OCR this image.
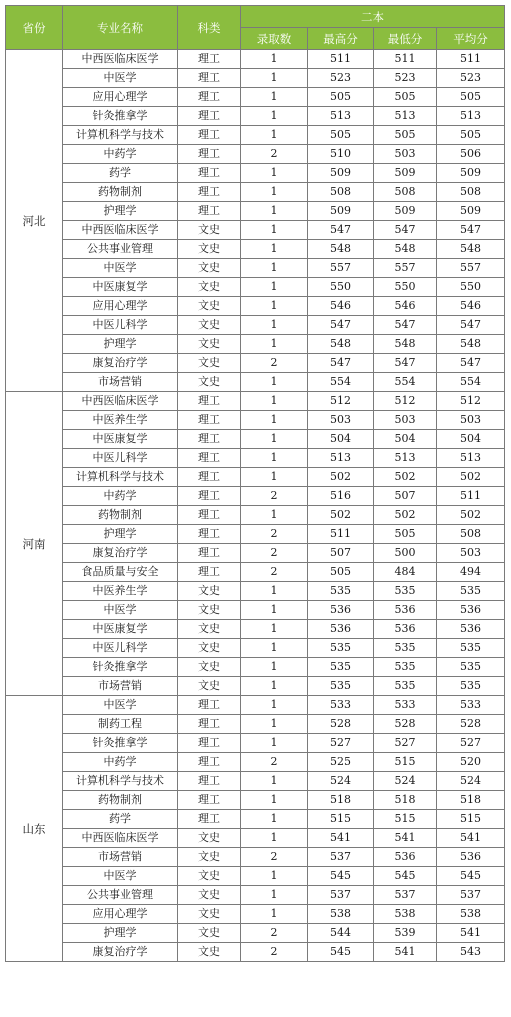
省份	专业名称	科类	二本			
			录取数	最高分	最低分	平均分
河北	中西医临床医学	理工	1	511	511	511
	中医学	理工	1	523	523	523
	应用心理学	理工	1	505	505	505
	针灸推拿学	理工	1	513	513	513
	计算机科学与技术	理工	1	505	505	505
	中药学	理工	2	510	503	506
	药学	理工	1	509	509	509
	药物制剂	理工	1	508	508	508
	护理学	理工	1	509	509	509
	中西医临床医学	文史	1	547	547	547
	公共事业管理	文史	1	548	548	548
	中医学	文史	1	557	557	557
	中医康复学	文史	1	550	550	550
	应用心理学	文史	1	546	546	546
	中医儿科学	文史	1	547	547	547
	护理学	文史	1	548	548	548
	康复治疗学	文史	2	547	547	547
	市场营销	文史	1	554	554	554
河南	中西医临床医学	理工	1	512	512	512
	中医养生学	理工	1	503	503	503
	中医康复学	理工	1	504	504	504
	中医儿科学	理工	1	513	513	513
	计算机科学与技术	理工	1	502	502	502
	中药学	理工	2	516	507	511
	药物制剂	理工	1	502	502	502
	护理学	理工	2	511	505	508
	康复治疗学	理工	2	507	500	503
	食品质量与安全	理工	2	505	484	494
	中医养生学	文史	1	535	535	535
	中医学	文史	1	536	536	536
	中医康复学	文史	1	536	536	536
	中医儿科学	文史	1	535	535	535
	针灸推拿学	文史	1	535	535	535
	市场营销	文史	1	535	535	535
山东	中医学	理工	1	533	533	533
	制药工程	理工	1	528	528	528
	针灸推拿学	理工	1	527	527	527
	中药学	理工	2	525	515	520
	计算机科学与技术	理工	1	524	524	524
	药物制剂	理工	1	518	518	518
	药学	理工	1	515	515	515
	中西医临床医学	文史	1	541	541	541
	市场营销	文史	2	537	536	536
	中医学	文史	1	545	545	545
	公共事业管理	文史	1	537	537	537
	应用心理学	文史	1	538	538	538
	护理学	文史	2	544	539	541
	康复治疗学	文史	2	545	541	543
